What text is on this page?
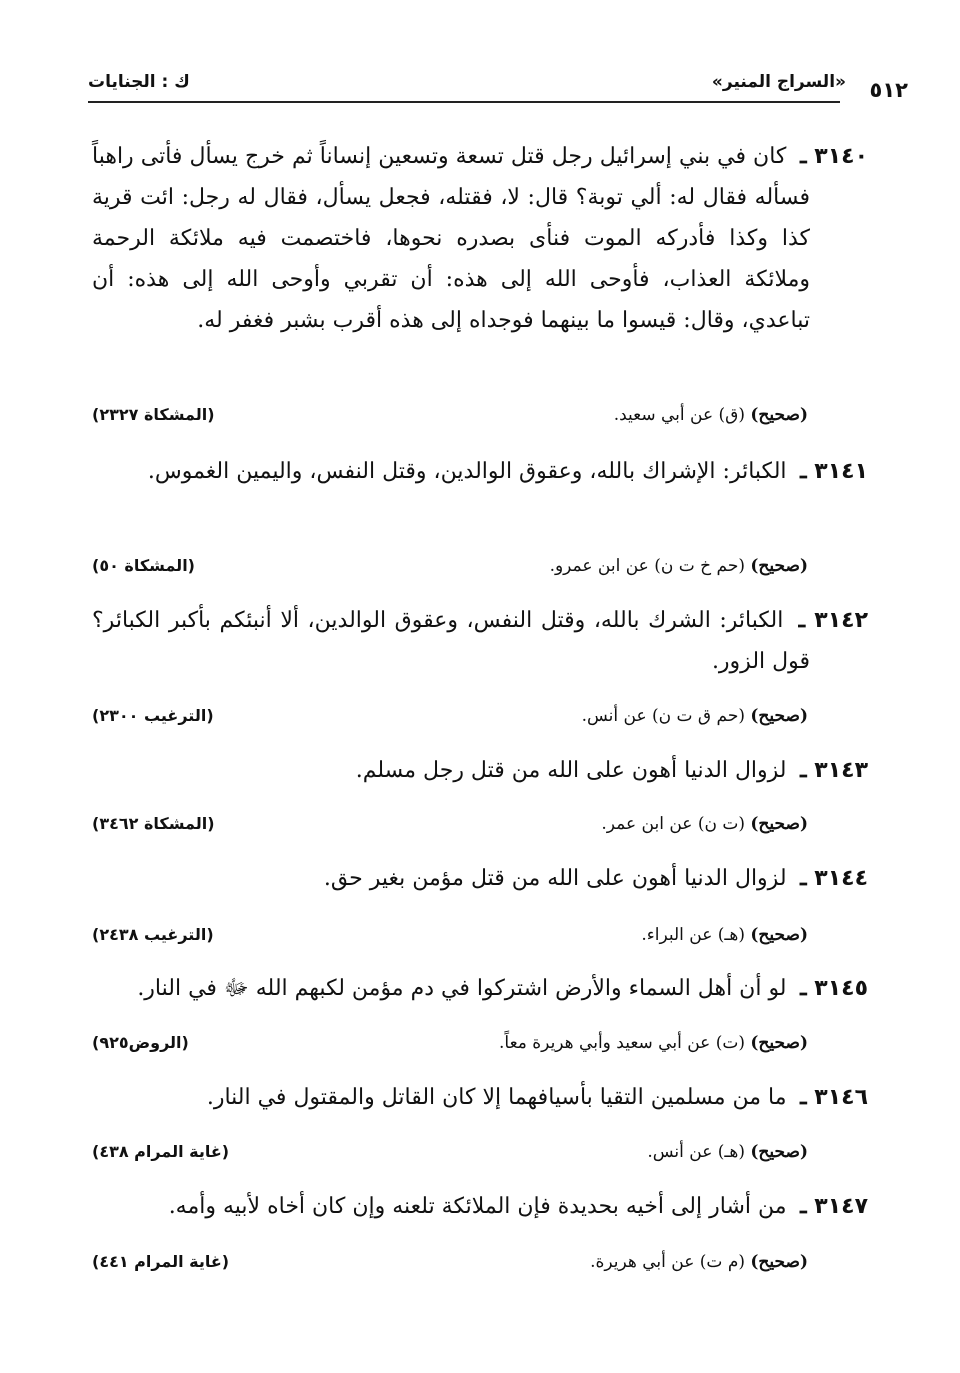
٥١٢
«السراج المنير»
ك : الجنايات
٣١٤٠ ـ كان في بني إسرائيل رجل قتل تسعة وتسعين إنساناً ثم خرج يسأل فأتى راهباً فسأله فقال له: ألي توبة؟ قال: لا، فقتله، فجعل يسأل، فقال له رجل: ائت قرية كذا وكذا فأدركه الموت فنأى بصدره نحوها، فاختصمت فيه ملائكة الرحمة وملائكة العذاب، فأوحى الله إلى هذه: أن تقربي وأوحى الله إلى هذه: أن تباعدي، وقال: قيسوا ما بينهما فوجداه إلى هذه أقرب بشبر فغفر له.
(صحيح) (ق) عن أبي سعيد.
(المشكاة ٢٣٢٧)
٣١٤١ ـ الكبائر: الإشراك بالله، وعقوق الوالدين، وقتل النفس، واليمين الغموس.
(صحيح) (حم خ ت ن) عن ابن عمرو.
(المشكاة ٥٠)
٣١٤٢ ـ الكبائر: الشرك بالله، وقتل النفس، وعقوق الوالدين، ألا أنبئكم بأكبر الكبائر؟ قول الزور.
(صحيح) (حم ق ت ن) عن أنس.
(الترغيب ٢٣٠٠)
٣١٤٣ ـ لزوال الدنيا أهون على الله من قتل رجل مسلم.
(صحيح) (ت ن) عن ابن عمر.
(المشكاة ٣٤٦٢)
٣١٤٤ ـ لزوال الدنيا أهون على الله من قتل مؤمن بغير حق.
(صحيح) (هـ) عن البراء.
(الترغيب ٢٤٣٨)
٣١٤٥ ـ لو أن أهل السماء والأرض اشتركوا في دم مؤمن لكبهم الله ﷻ في النار.
(صحيح) (ت) عن أبي سعيد وأبي هريرة معاً.
(الروض٩٢٥)
٣١٤٦ ـ ما من مسلمين التقيا بأسيافهما إلا كان القاتل والمقتول في النار.
(صحيح) (هـ) عن أنس.
(غاية المرام ٤٣٨)
٣١٤٧ ـ من أشار إلى أخيه بحديدة فإن الملائكة تلعنه وإن كان أخاه لأبيه وأمه.
(صحيح) (م ت) عن أبي هريرة.
(غاية المرام ٤٤١)
